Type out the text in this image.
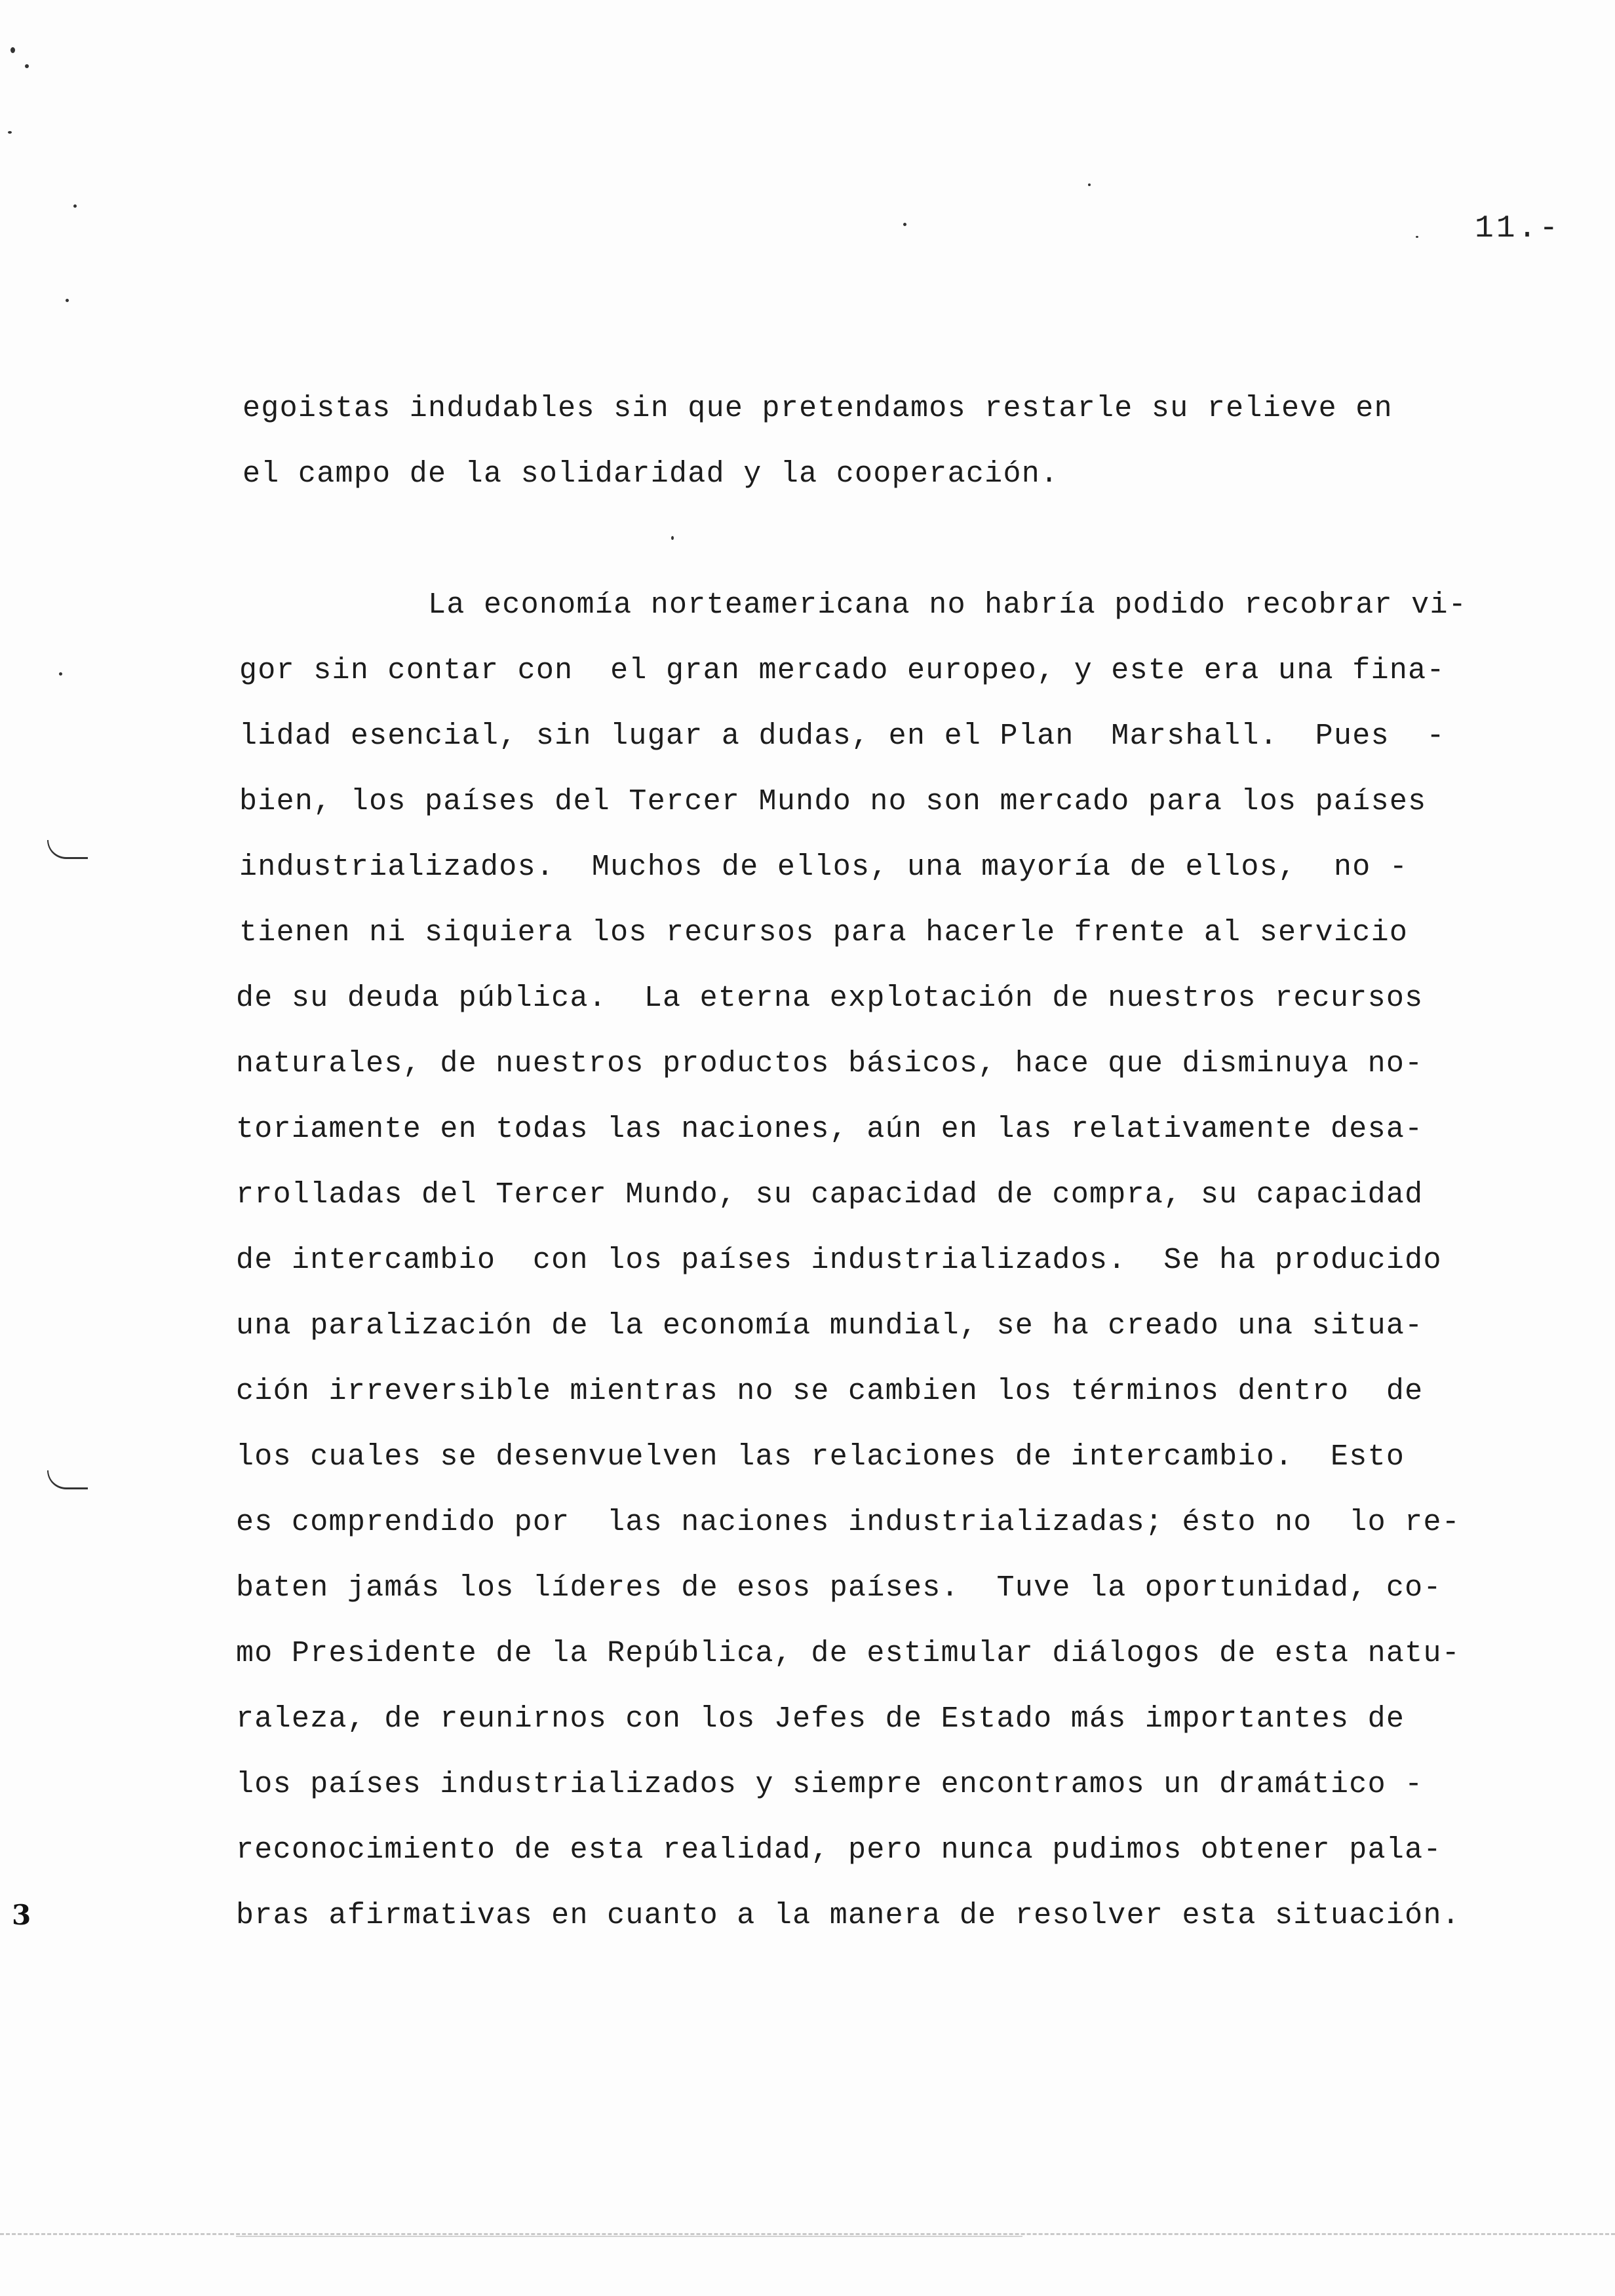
3
11.-
egoistas indudables sin que pretendamos restarle su relieve en
el campo de la solidaridad y la cooperación.
La economía norteamericana no habría podido recobrar vi-
gor sin contar con  el gran mercado europeo, y este era una fina-
lidad esencial, sin lugar a dudas, en el Plan  Marshall.  Pues  -
bien, los países del Tercer Mundo no son mercado para los países
industrializados.  Muchos de ellos, una mayoría de ellos,  no -
tienen ni siquiera los recursos para hacerle frente al servicio
de su deuda pública.  La eterna explotación de nuestros recursos
naturales, de nuestros productos básicos, hace que disminuya no-
toriamente en todas las naciones, aún en las relativamente desa-
rrolladas del Tercer Mundo, su capacidad de compra, su capacidad
de intercambio  con los países industrializados.  Se ha producido
una paralización de la economía mundial, se ha creado una situa-
ción irreversible mientras no se cambien los términos dentro  de
los cuales se desenvuelven las relaciones de intercambio.  Esto
es comprendido por  las naciones industrializadas; ésto no  lo re-
baten jamás los líderes de esos países.  Tuve la oportunidad, co-
mo Presidente de la República, de estimular diálogos de esta natu-
raleza, de reunirnos con los Jefes de Estado más importantes de
los países industrializados y siempre encontramos un dramático -
reconocimiento de esta realidad, pero nunca pudimos obtener pala-
bras afirmativas en cuanto a la manera de resolver esta situación.
